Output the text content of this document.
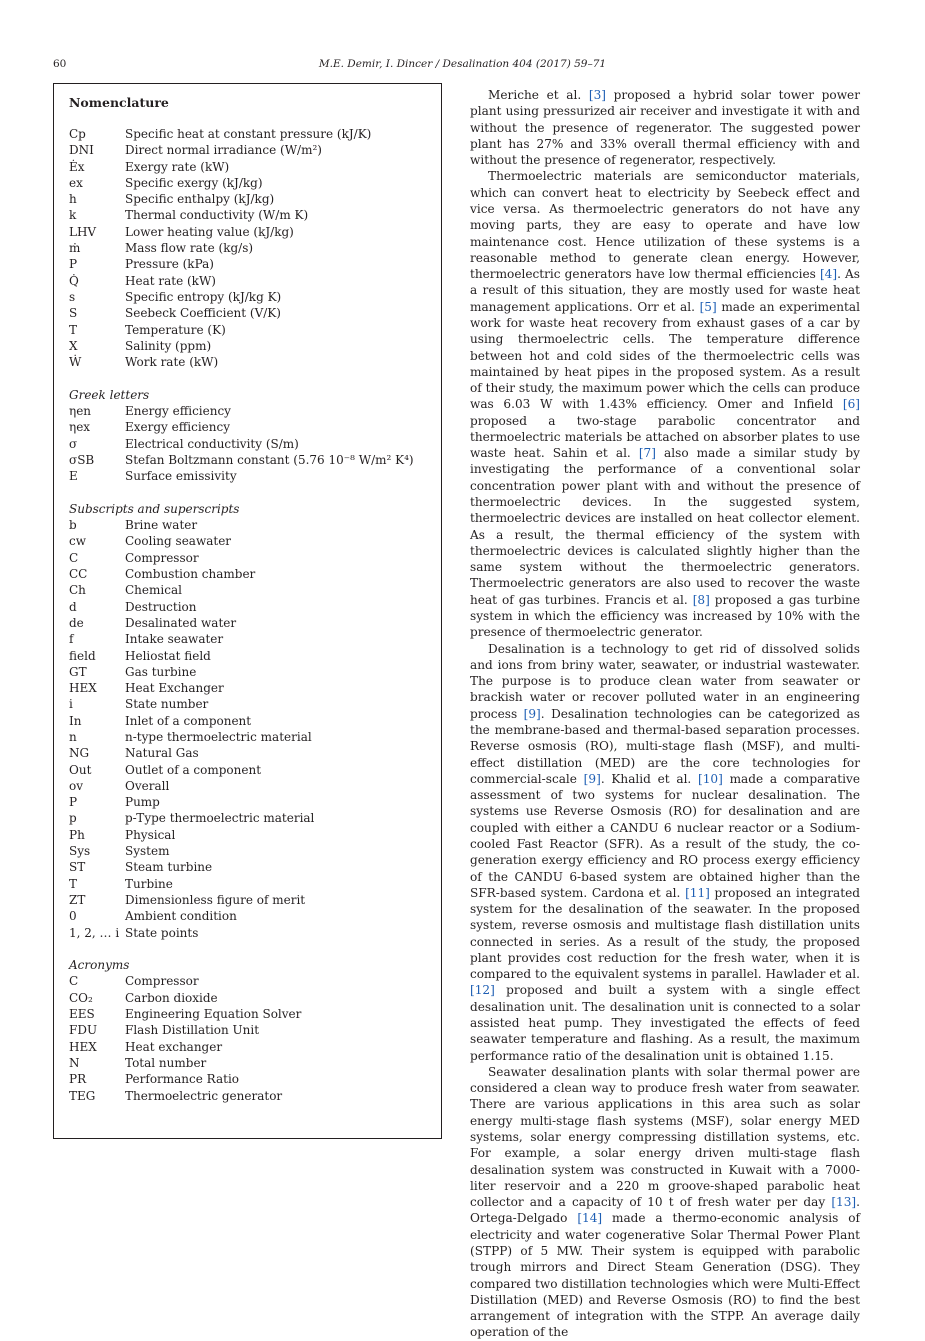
60	M.E. Demir, I. Dincer / Desalination 404 (2017) 59–71
Nomenclature
Cp	Specific heat at constant pressure (kJ/K)
DNI	Direct normal irradiance (W/m²)
Ėx	Exergy rate (kW)
ex	Specific exergy (kJ/kg)
h	Specific enthalpy (kJ/kg)
k	Thermal conductivity (W/m K)
LHV Lower heating value (kJ/kg)
ṁ	Mass flow rate (kg/s)
P	Pressure (kPa)
Q̇	Heat rate (kW)
s	Specific entropy (kJ/kg K)
S	Seebeck Coefficient (V/K)
T	Temperature (K)
X	Salinity (ppm)
Ẇ	Work rate (kW)
Greek letters
ηen	Energy efficiency
ηex	Exergy efficiency
σ	Electrical conductivity (S/m)
σSB	Stefan Boltzmann constant (5.76 10⁻⁸ W/m² K⁴)
E	Surface emissivity
Subscripts and superscripts
b	Brine water
cw	Cooling seawater
C	Compressor
CC	Combustion chamber
Ch	Chemical
d	Destruction
de	Desalinated water
f	Intake seawater
field Heliostat field
GT	Gas turbine
HEX Heat Exchanger
i	State number
In	Inlet of a component
n	n-type thermoelectric material
NG	Natural Gas
Out	Outlet of a component
ov	Overall
P	Pump
p	p-Type thermoelectric material
Ph	Physical
Sys	System
ST	Steam turbine
T	Turbine
ZT	Dimensionless figure of merit
0	Ambient condition
1, 2, … i State points
Acronyms
C	Compressor
CO₂	Carbon dioxide
EES	Engineering Equation Solver
FDU Flash Distillation Unit
HEX Heat exchanger
N	Total number
PR	Performance Ratio
TEG Thermoelectric generator

Meriche et al. [3] proposed a hybrid solar tower power plant using pressurized air receiver and investigate it with and without the presence of regenerator. The suggested power plant has 27% and 33% overall thermal efficiency with and without the presence of regenerator, respectively.

Thermoelectric materials are semiconductor materials, which can convert heat to electricity by Seebeck effect and vice versa. As thermoelectric generators do not have any moving parts, they are easy to operate and have low maintenance cost. Hence utilization of these systems is a reasonable method to generate clean energy. However, thermoelectric generators have low thermal efficiencies [4]. As a result of this situation, they are mostly used for waste heat management applications. Orr et al. [5] made an experimental work for waste heat recovery from exhaust gases of a car by using thermoelectric cells. The temperature difference between hot and cold sides of the thermoelectric cells was maintained by heat pipes in the proposed system. As a result of their study, the maximum power which the cells can produce was 6.03 W with 1.43% efficiency. Omer and Infield [6] proposed a two-stage parabolic concentrator and thermoelectric materials be attached on absorber plates to use waste heat. Sahin et al. [7] also made a similar study by investigating the performance of a conventional solar concentration power plant with and without the presence of thermoelectric devices. In the suggested system, thermoelectric devices are installed on heat collector element. As a result, the thermal efficiency of the system with thermoelectric devices is calculated slightly higher than the same system without the thermoelectric generators. Thermoelectric generators are also used to recover the waste heat of gas turbines. Francis et al. [8] proposed a gas turbine system in which the efficiency was increased by 10% with the presence of thermoelectric generator.

Desalination is a technology to get rid of dissolved solids and ions from briny water, seawater, or industrial wastewater. The purpose is to produce clean water from seawater or brackish water or recover polluted water in an engineering process [9]. Desalination technologies can be categorized as the membrane-based and thermal-based separation processes. Reverse osmosis (RO), multi-stage flash (MSF), and multi-effect distillation (MED) are the core technologies for commercial-scale [9]. Khalid et al. [10] made a comparative assessment of two systems for nuclear desalination. The systems use Reverse Osmosis (RO) for desalination and are coupled with either a CANDU 6 nuclear reactor or a Sodium-cooled Fast Reactor (SFR). As a result of the study, the co-generation exergy efficiency and RO process exergy efficiency of the CANDU 6-based system are obtained higher than the SFR-based system. Cardona et al. [11] proposed an integrated system for the desalination of the seawater. In the proposed system, reverse osmosis and multistage flash distillation units connected in series. As a result of the study, the proposed plant provides cost reduction for the fresh water, when it is compared to the equivalent systems in parallel. Hawlader et al. [12] proposed and built a system with a single effect desalination unit. The desalination unit is connected to a solar assisted heat pump. They investigated the effects of feed seawater temperature and flashing. As a result, the maximum performance ratio of the desalination unit is obtained 1.15.

Seawater desalination plants with solar thermal power are considered a clean way to produce fresh water from seawater. There are various applications in this area such as solar energy multi-stage flash systems (MSF), solar energy MED systems, solar energy compressing distillation systems, etc. For example, a solar energy driven multi-stage flash desalination system was constructed in Kuwait with a 7000-liter reservoir and a 220 m groove-shaped parabolic heat collector and a capacity of 10 t of fresh water per day [13]. Ortega-Delgado [14] made a thermo-economic analysis of electricity and water cogenerative Solar Thermal Power Plant (STPP) of 5 MW. Their system is equipped with parabolic trough mirrors and Direct Steam Generation (DSG). They compared two distillation technologies which were Multi-Effect Distillation (MED) and Reverse Osmosis (RO) to find the best arrangement of integration with the STPP. An average daily operation of the
